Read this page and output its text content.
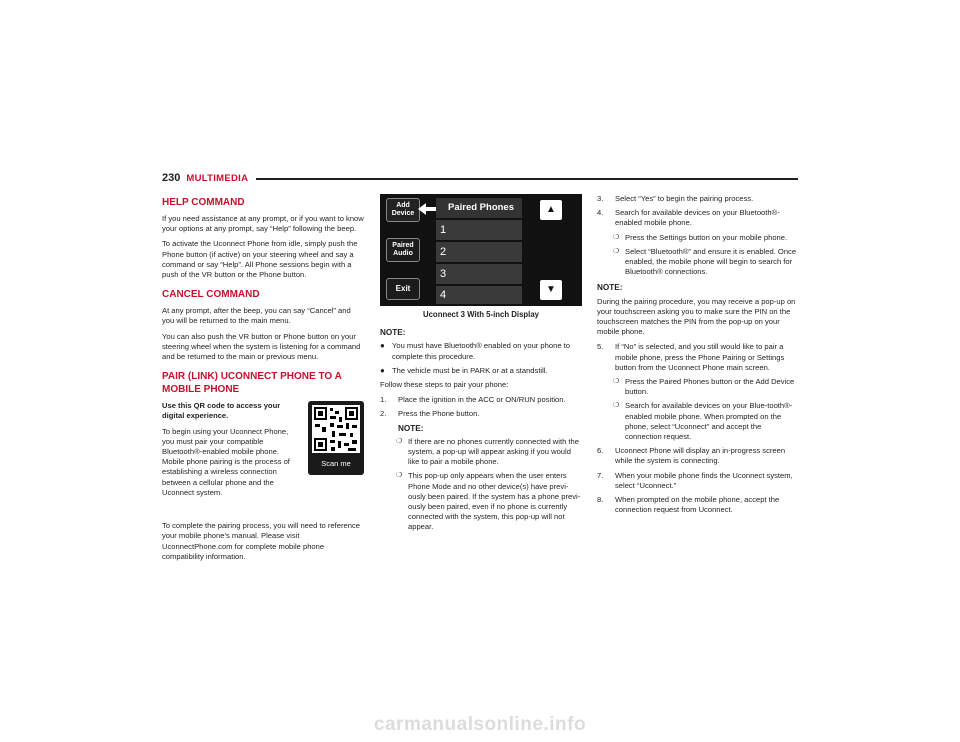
230 MULTIMEDIA
HELP COMMAND

If you need assistance at any prompt, or if you want to know your options at any prompt, say “Help” following the beep.

To activate the Uconnect Phone from idle, simply push the Phone button (if active) on your steering wheel and say a command or say “Help”. All Phone sessions begin with a push of the VR button or the Phone button.

CANCEL COMMAND

At any prompt, after the beep, you can say “Cancel” and you will be returned to the main menu.

You can also push the VR button or Phone button on your steering wheel when the system is listening for a command and be returned to the main or previous menu.

PAIR (LINK) UCONNECT PHONE TO A MOBILE PHONE
Scan me

Use this QR code to access your digital experience.

To begin using your Uconnect Phone, you must pair your compatible Bluetooth®-enabled mobile phone. Mobile phone pairing is the process of establishing a wireless connection between a cellular phone and the Uconnect system.

To complete the pairing process, you will need to reference your mobile phone’s manual. Please visit UconnectPhone.com for complete mobile phone compatibility information.

Add Device
Paired Audio
Exit
Paired Phones
1
2
3
4
▲
▼
Uconnect 3 With 5-inch Display
NOTE:
● You must have Bluetooth® enabled on your phone to complete this procedure.
● The vehicle must be in PARK or at a standstill.

Follow these steps to pair your phone:

1.	Place the ignition in the ACC or ON/RUN position.
2.	Press the Phone button.
NOTE:
❍ If there are no phones currently connected with the system, a pop-up will appear asking if you would like to pair a mobile phone.
❍ This pop-up only appears when the user enters Phone Mode and no other device(s) have previ-ously been paired. If the system has a phone previ-ously been paired, even if no phone is currently connected with the system, this pop-up will not appear.
3.	Select “Yes” to begin the pairing process.
4.	Search for available devices on your Bluetooth®-enabled mobile phone.
❍ Press the Settings button on your mobile phone.
❍ Select “Bluetooth®” and ensure it is enabled. Once enabled, the mobile phone will begin to search for Bluetooth® connections.
NOTE:

During the pairing procedure, you may receive a pop-up on your touchscreen asking you to make sure the PIN on the touchscreen matches the PIN from the pop-up on your mobile phone.

5.	If “No” is selected, and you still would like to pair a mobile phone, press the Phone Pairing or Settings button from the Uconnect Phone main screen.
❍ Press the Paired Phones button or the Add Device button.
❍ Search for available devices on your Blue-tooth®-enabled mobile phone. When prompted on the phone, select “Uconnect” and accept the connection request.
6.	Uconnect Phone will display an in-progress screen while the system is connecting.
7.	When your mobile phone finds the Uconnect system, select “Uconnect.”
8.	When prompted on the mobile phone, accept the connection request from Uconnect.
carmanualsonline.info
